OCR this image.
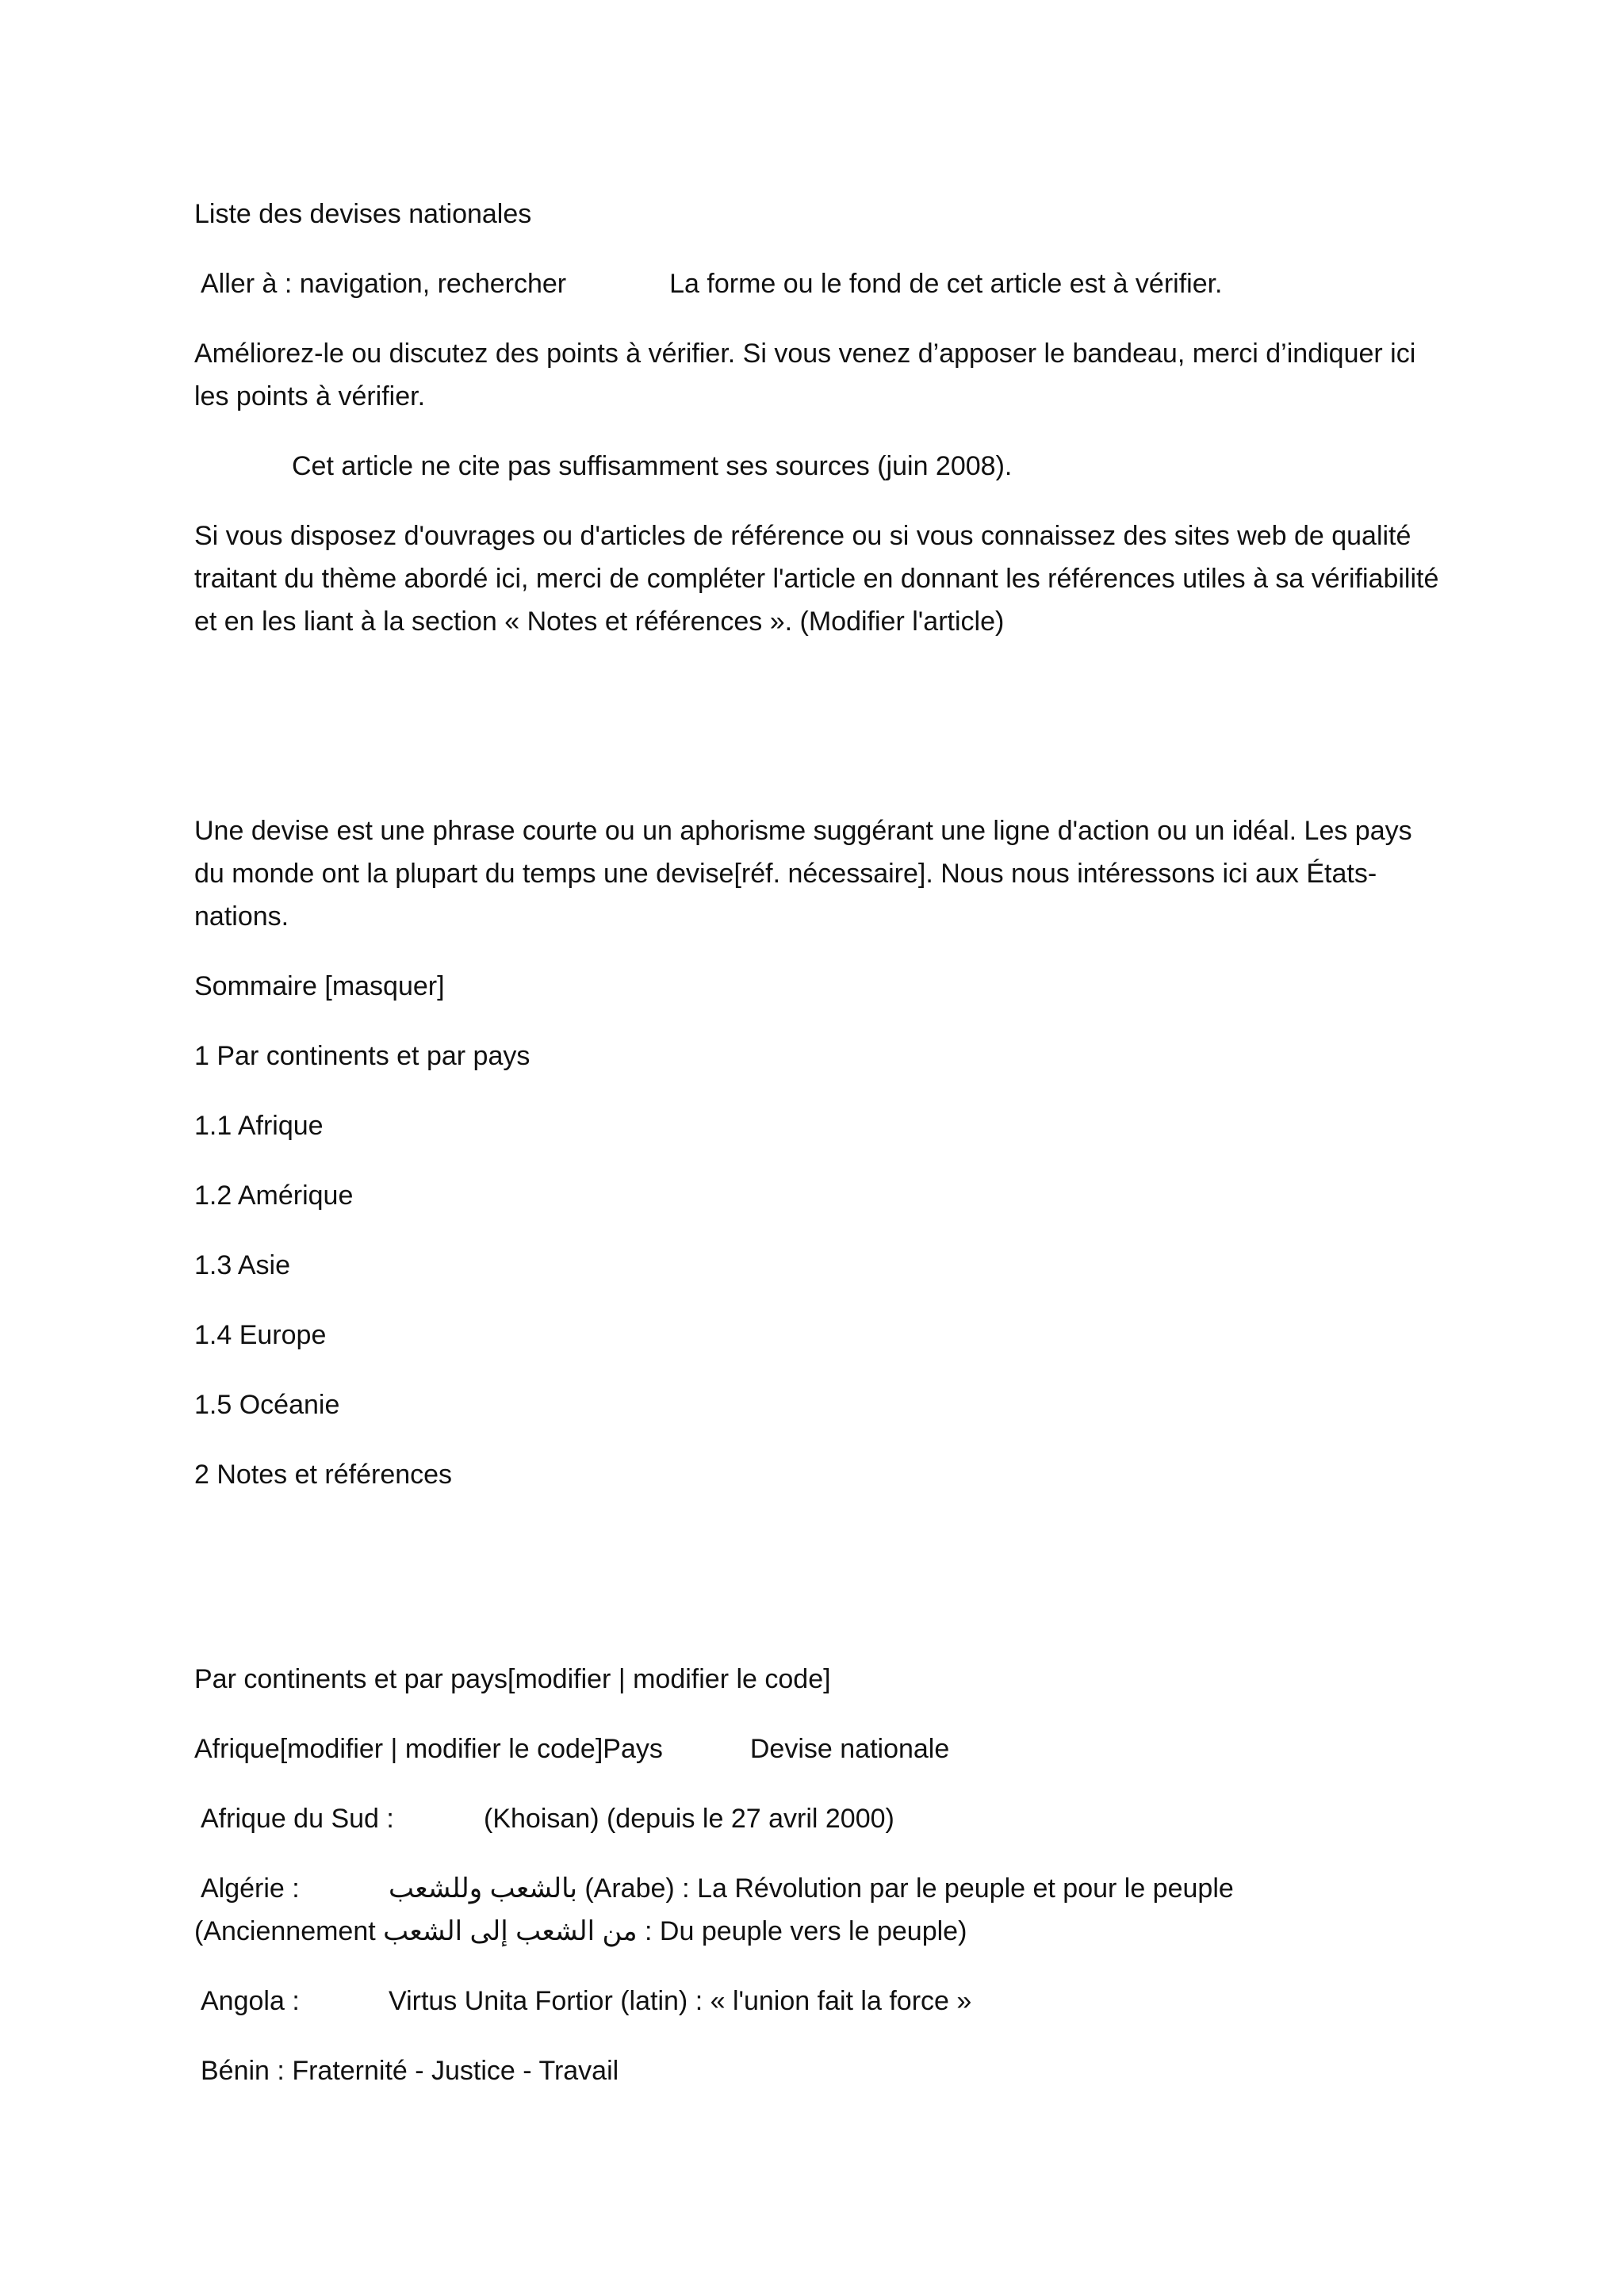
Liste des devises nationales

Aller à : navigation, rechercher	La forme ou le fond de cet article est à vérifier.

Améliorez-le ou discutez des points à vérifier. Si vous venez d’apposer le bandeau, merci d’indiquer ici les points à vérifier.

Cet article ne cite pas suffisamment ses sources (juin 2008).

Si vous disposez d'ouvrages ou d'articles de référence ou si vous connaissez des sites web de qualité traitant du thème abordé ici, merci de compléter l'article en donnant les références utiles à sa vérifiabilité et en les liant à la section « Notes et références ». (Modifier l'article)

Une devise est une phrase courte ou un aphorisme suggérant une ligne d'action ou un idéal. Les pays du monde ont la plupart du temps une devise[réf. nécessaire]. Nous nous intéressons ici aux États-nations.

Sommaire [masquer]

1 Par continents et par pays

1.1 Afrique

1.2 Amérique

1.3 Asie

1.4 Europe

1.5 Océanie

2 Notes et références

Par continents et par pays[modifier | modifier le code]

Afrique[modifier | modifier le code]Pays	Devise nationale

Afrique du Sud :	(Khoisan) (depuis le 27 avril 2000)

Algérie :	بالشعب وللشعب (Arabe) : La Révolution par le peuple et pour le peuple

(Anciennement من الشعب إلى الشعب : Du peuple vers le peuple)

Angola :	Virtus Unita Fortior (latin) : « l'union fait la force »

Bénin : Fraternité - Justice - Travail
